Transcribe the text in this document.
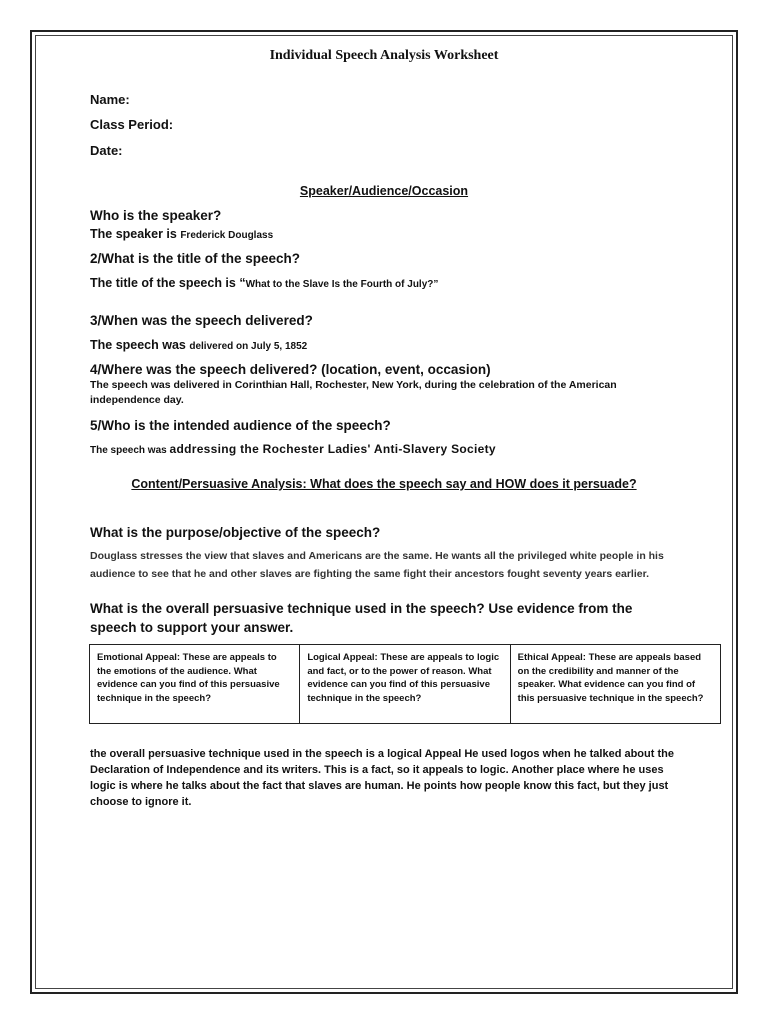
Individual Speech Analysis Worksheet
Name:
Class Period:
Date:
Speaker/Audience/Occasion
Who is the speaker?
The speaker is Frederick Douglass
2/What is the title of the speech?
The title of the speech is “What to the Slave Is the Fourth of July?”
3/When was the speech delivered?
The speech was delivered on July 5, 1852
4/Where was the speech delivered? (location, event, occasion)
The speech was delivered in Corinthian Hall, Rochester, New York, during the celebration of the American independence day.
5/Who is the intended audience of the speech?
The speech was addressing the Rochester Ladies' Anti-Slavery Society
Content/Persuasive Analysis: What does the speech say and HOW does it persuade?
What is the purpose/objective of the speech?
Douglass stresses the view that slaves and Americans are the same. He wants all the privileged white people in his audience to see that he and other slaves are fighting the same fight their ancestors fought seventy years earlier.
What is the overall persuasive technique used in the speech? Use evidence from the speech to support your answer.
Emotional Appeal: These are appeals to the emotions of the audience. What evidence can you find of this persuasive technique in the speech?
Logical Appeal: These are appeals to logic and fact, or to the power of reason. What evidence can you find of this persuasive technique in the speech?
Ethical Appeal: These are appeals based on the credibility and manner of the speaker. What evidence can you find of this persuasive technique in the speech?
the overall persuasive technique used in the speech is a logical Appeal He used logos when he talked about the Declaration of Independence and its writers. This is a fact, so it appeals to logic. Another place where he uses logic is where he talks about the fact that slaves are human. He points how people know this fact, but they just choose to ignore it.
